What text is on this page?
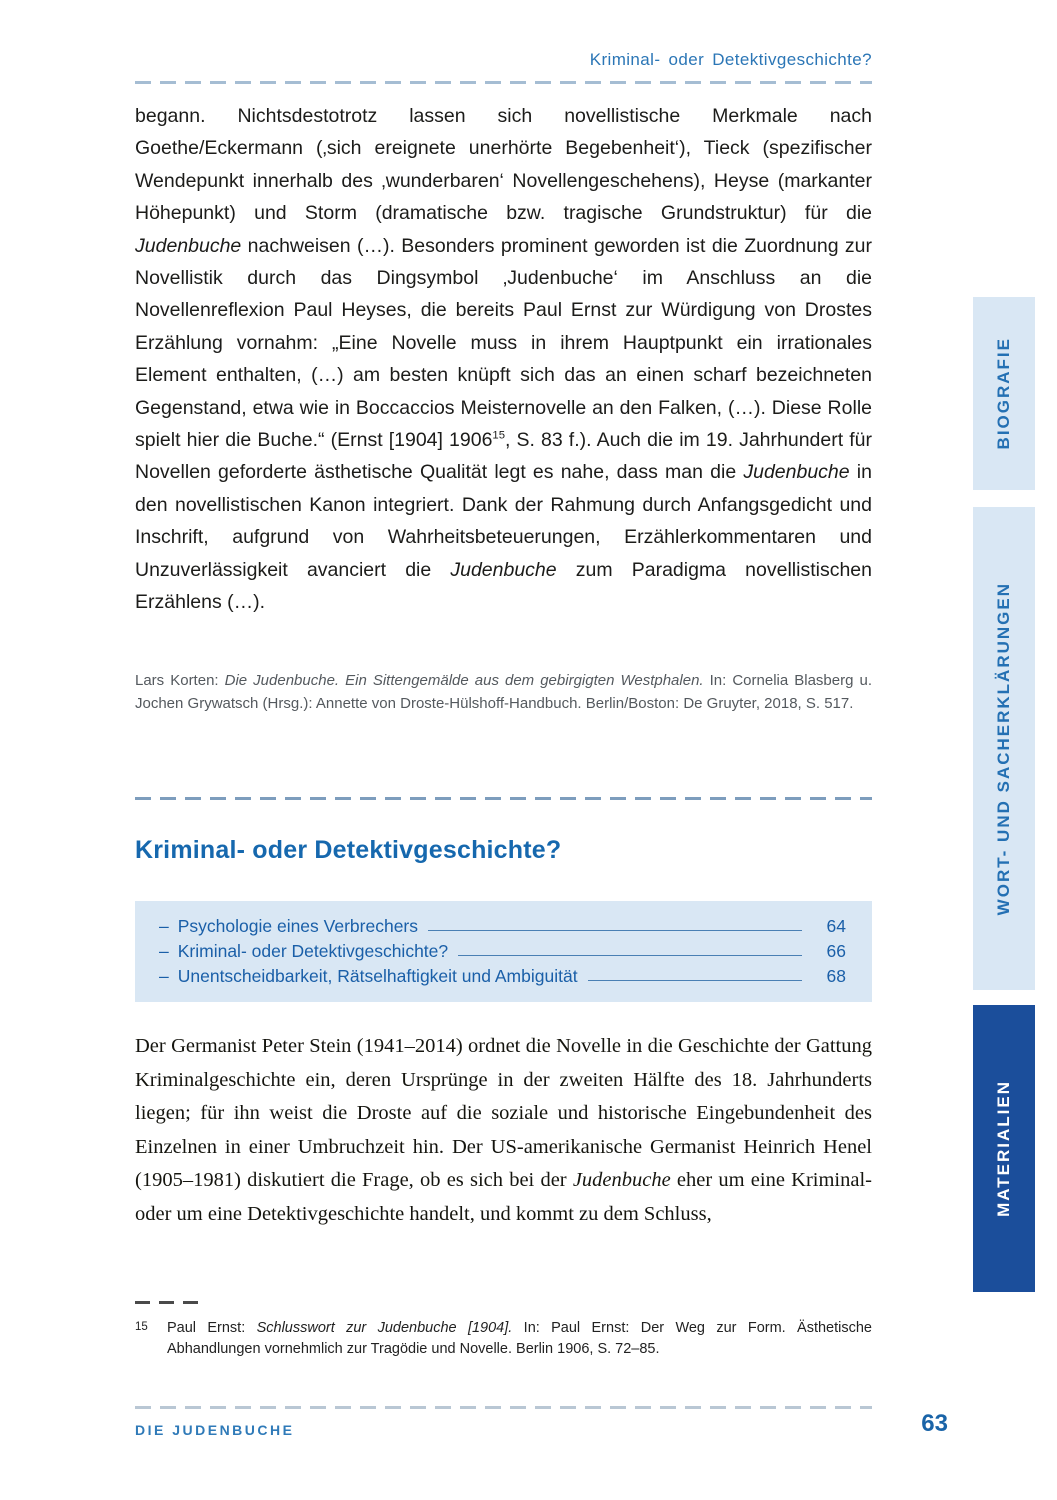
Kriminal- oder Detektivgeschichte?

begann. Nichtsdestotrotz lassen sich novellistische Merkmale nach Goethe/Eckermann (‚sich ereignete unerhörte Begebenheit‘), Tieck (spezifischer Wendepunkt innerhalb des ‚wunderbaren‘ Novellengeschehens), Heyse (markanter Höhepunkt) und Storm (dramatische bzw. tragische Grundstruktur) für die Judenbuche nachweisen (…). Besonders prominent geworden ist die Zuordnung zur Novellistik durch das Dingsymbol ‚Judenbuche‘ im Anschluss an die Novellenreflexion Paul Heyses, die bereits Paul Ernst zur Würdigung von Drostes Erzählung vornahm: „Eine Novelle muss in ihrem Hauptpunkt ein irrationales Element enthalten, (…) am besten knüpft sich das an einen scharf bezeichneten Gegenstand, etwa wie in Boccaccios Meisternovelle an den Falken, (…). Diese Rolle spielt hier die Buche.“ (Ernst [1904] 1906$^{15}$, S. 83 f.). Auch die im 19. Jahrhundert für Novellen geforderte ästhetische Qualität legt es nahe, dass man die Judenbuche in den novellistischen Kanon integriert. Dank der Rahmung durch Anfangsgedicht und Inschrift, aufgrund von Wahrheitsbeteuerungen, Erzählerkommentaren und Unzuverlässigkeit avanciert die Judenbuche zum Paradigma novellistischen Erzählens (…).

Lars Korten: Die Judenbuche. Ein Sittengemälde aus dem gebirgigten Westphalen. In: Cornelia Blasberg u. Jochen Grywatsch (Hrsg.): Annette von Droste-Hülshoff-Handbuch. Berlin/Boston: De Gruyter, 2018, S. 517.

Kriminal- oder Detektivgeschichte?
– Psychologie eines Verbrechers	64
– Kriminal- oder Detektivgeschichte?	66
– Unentscheidbarkeit, Rätselhaftigkeit und Ambiguität	68

Der Germanist Peter Stein (1941–2014) ordnet die Novelle in die Geschichte der Gattung Kriminalgeschichte ein, deren Ursprünge in der zweiten Hälfte des 18. Jahrhunderts liegen; für ihn weist die Droste auf die soziale und historische Eingebundenheit des Einzelnen in einer Umbruchzeit hin. Der US-amerikanische Germanist Heinrich Henel (1905–1981) diskutiert die Frage, ob es sich bei der Judenbuche eher um eine Kriminal- oder um eine Detektivgeschichte handelt, und kommt zu dem Schluss,

15	Paul Ernst: Schlusswort zur Judenbuche [1904]. In: Paul Ernst: Der Weg zur Form. Ästhetische Abhandlungen vornehmlich zur Tragödie und Novelle. Berlin 1906, S. 72–85.
DIE JUDENBUCHE	63
BIOGRAFIE
WORT- UND SACHERKLÄRUNGEN
MATERIALIEN
